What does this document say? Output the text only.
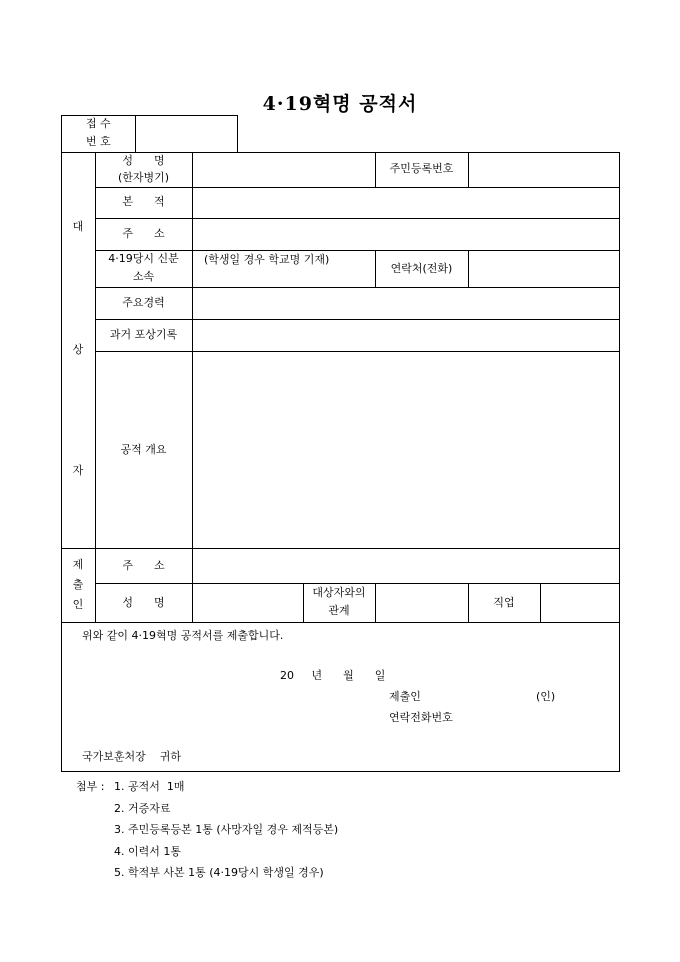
4·19혁명 공적서
접 수
번 호
대
상
자
제
출
인
성      명
(한자병기)
주민등록번호
본      적
주      소
4·19당시 신분
소속
(학생일 경우 학교명 기재)
연락처(전화)
주요경력
과거 포상기록
공적 개요
주      소
성      명
대상자와의
관계
직업
위와 같이 4·19혁명 공적서를 제출합니다.
20     년      월      일
제출인	(인)
연락전화번호
국가보훈처장    귀하
첨부 : 1. 공적서  1매
2. 거증자료
3. 주민등록등본 1통 (사망자일 경우 제적등본)
4. 이력서 1통
5. 학적부 사본 1통 (4·19당시 학생일 경우)
